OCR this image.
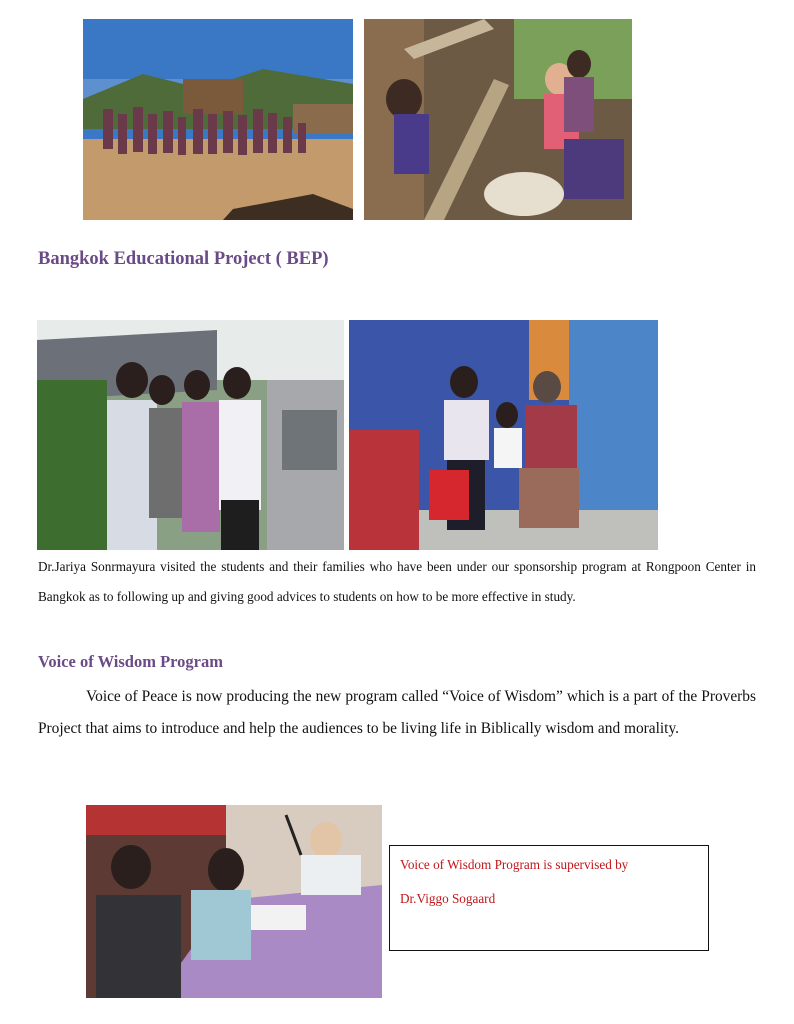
Bangkok Educational Project ( BEP)

Dr.Jariya Sonrmayura visited the students and their families who have been under our sponsorship program at Rongpoon Center in Bangkok as to following up and giving good advices to students on how to be more effective in study.

Voice of Wisdom Program

Voice of Peace is now producing the new program called “Voice of Wisdom” which is a part of the Proverbs Project that aims to introduce and help the audiences to be living life in Biblically wisdom and morality.

Voice of Wisdom Program is supervised by

Dr.Viggo Sogaard
